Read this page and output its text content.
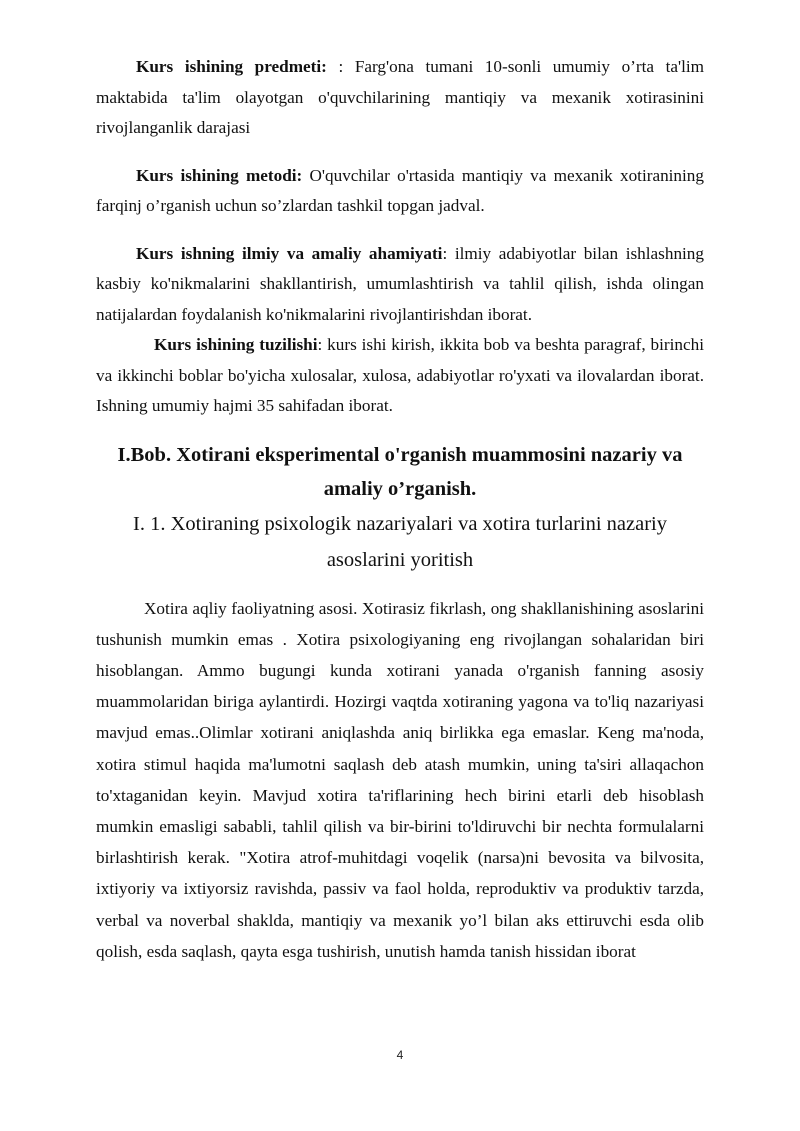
Kurs ishining predmeti: : Farg'ona tumani 10-sonli umumiy o’rta ta'lim maktabida ta'lim olayotgan o'quvchilarining mantiqiy va mexanik xotirasinini rivojlanganlik darajasi

Kurs ishining metodi: O'quvchilar o'rtasida mantiqiy va mexanik xotiranining farqinj o’rganish uchun so’zlardan tashkil topgan jadval.

Kurs ishning ilmiy va amaliy ahamiyati: ilmiy adabiyotlar bilan ishlashning kasbiy ko'nikmalarini shakllantirish, umumlashtirish va tahlil qilish, ishda olingan natijalardan foydalanish ko'nikmalarini rivojlantirishdan iborat.

Kurs ishining tuzilishi: kurs ishi kirish, ikkita bob va beshta paragraf, birinchi va ikkinchi boblar bo'yicha xulosalar, xulosa, adabiyotlar ro'yxati va ilovalardan iborat. Ishning umumiy hajmi 35 sahifadan iborat.

I.Bob. Xotirani eksperimental o'rganish muammosini nazariy va amaliy o’rganish.
I. 1. Xotiraning psixologik nazariyalari va xotira turlarini nazariy asoslarini yoritish

Xotira aqliy faoliyatning asosi. Xotirasiz fikrlash, ong shakllanishining asoslarini tushunish mumkin emas . Xotira psixologiyaning eng rivojlangan sohalaridan biri hisoblangan. Ammo bugungi kunda xotirani yanada o'rganish fanning asosiy muammolaridan biriga aylantirdi. Hozirgi vaqtda xotiraning yagona va to'liq nazariyasi mavjud emas..Olimlar xotirani aniqlashda aniq birlikka ega emaslar. Keng ma'noda, xotira stimul haqida ma'lumotni saqlash deb atash mumkin, uning ta'siri allaqachon to'xtaganidan keyin. Mavjud xotira ta'riflarining hech birini etarli deb hisoblash mumkin emasligi sababli, tahlil qilish va bir-birini to'ldiruvchi bir nechta formulalarni birlashtirish kerak. "Xotira atrof-muhitdagi voqelik (narsa)ni bevosita va bilvosita, ixtiyoriy va ixtiyorsiz ravishda, passiv va faol holda, reproduktiv va produktiv tarzda, verbal va noverbal shaklda, mantiqiy va mexanik yo’l bilan aks ettiruvchi esda olib qolish, esda saqlash, qayta esga tushirish, unutish hamda tanish hissidan iborat

4
